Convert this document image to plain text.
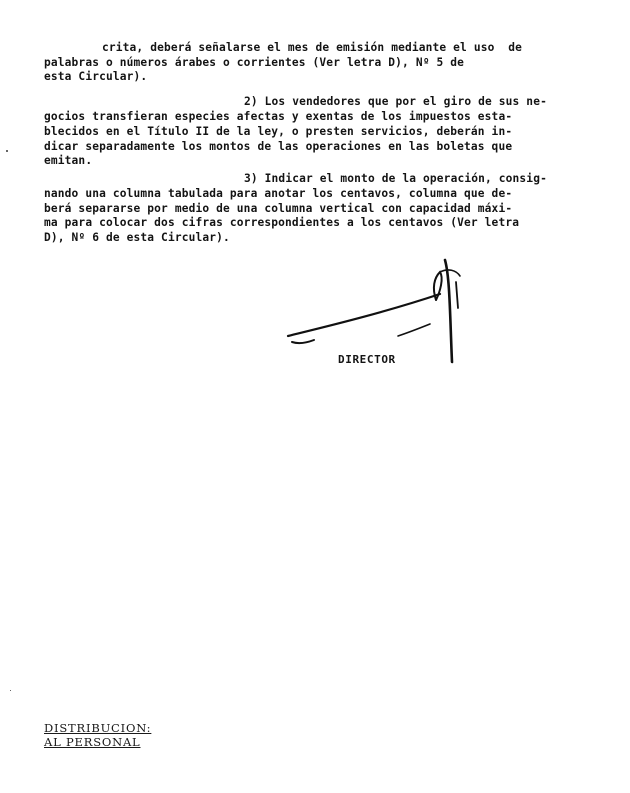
crita, deberá señalarse el mes de emisión mediante el uso  de
palabras o números árabes o corrientes (Ver letra D), Nº 5 de
esta Circular).
2) Los vendedores que por el giro de sus ne-
gocios transfieran especies afectas y exentas de los impuestos esta-
blecidos en el Título II de la ley, o presten servicios, deberán in-
dicar separadamente los montos de las operaciones en las boletas que
emitan.
3) Indicar el monto de la operación, consig-
nando una columna tabulada para anotar los centavos, columna que de-
berá separarse por medio de una columna vertical con capacidad máxi-
ma para colocar dos cifras correspondientes a los centavos (Ver letra
D), Nº 6 de esta Circular).
DIRECTOR
DISTRIBUCION:
AL PERSONAL
